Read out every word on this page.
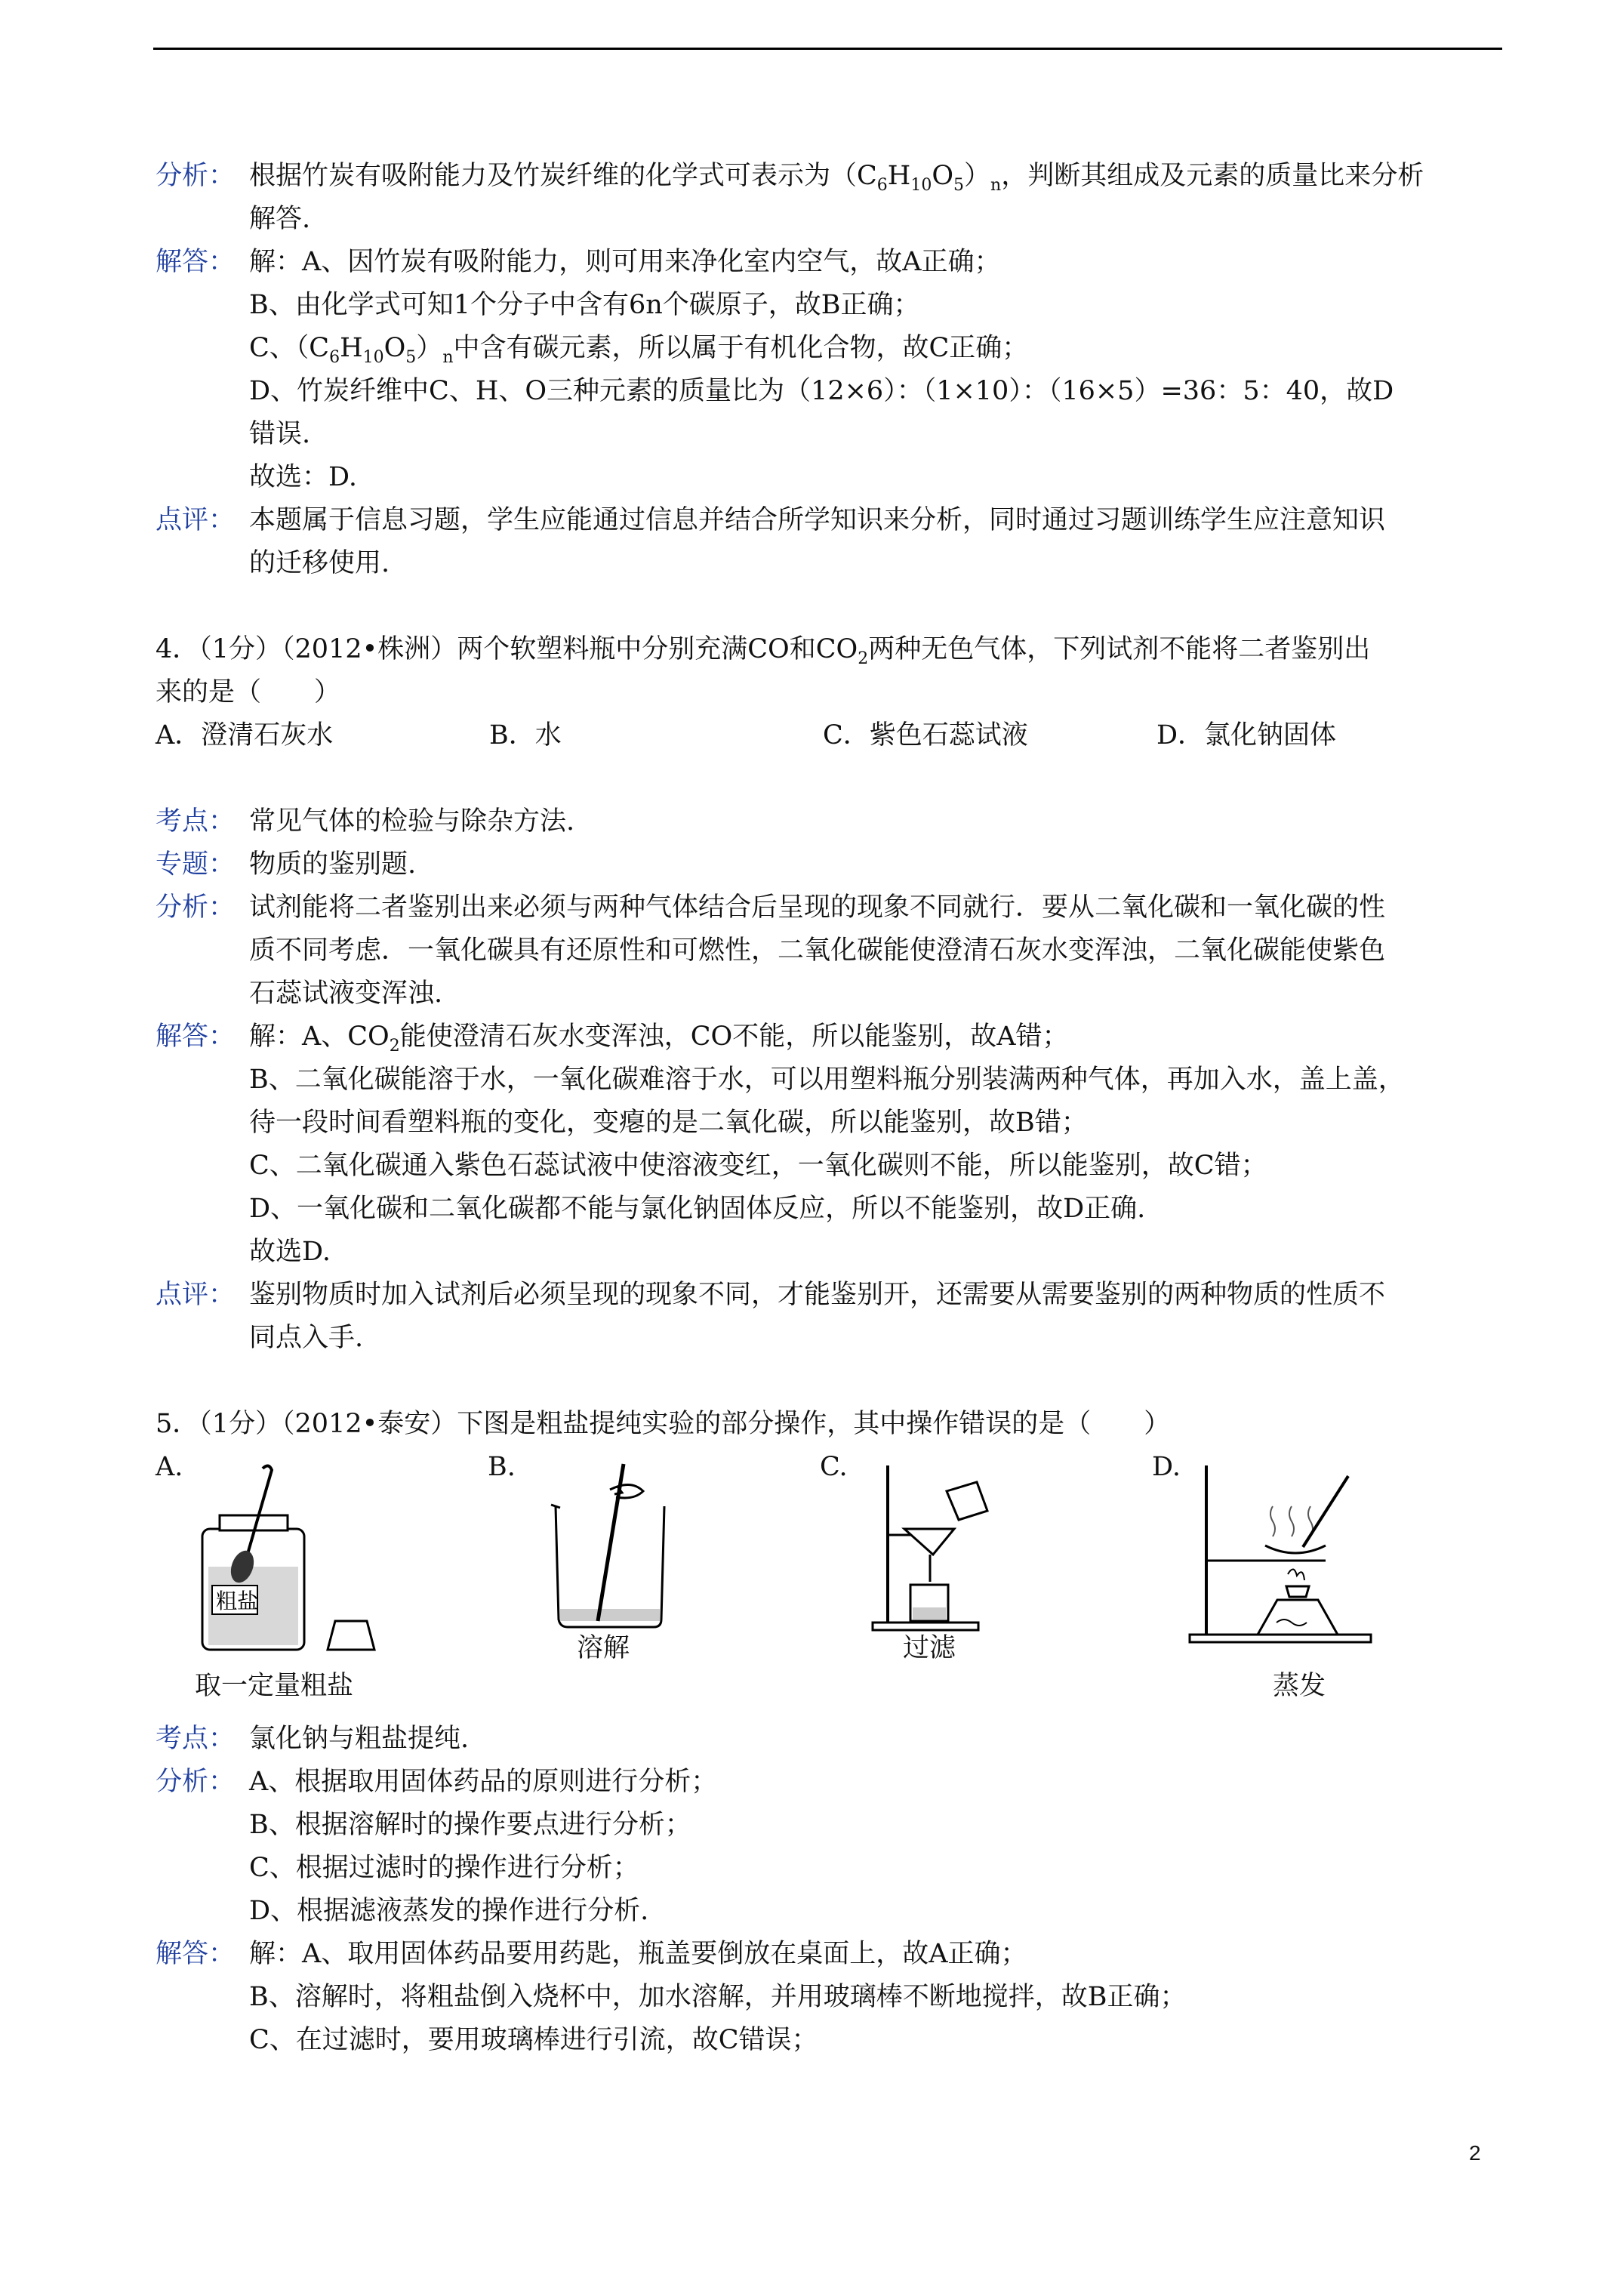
分析： 根据竹炭有吸附能力及竹炭纤维的化学式可表示为$(C_6H_{10}O_5)_n$，判断其组成及元素的质量比来分析
解答.
解答： 解：A、因竹炭有吸附能力，则可用来净化室内空气，故A正确；
B、由化学式可知1个分子中含有6n个碳原子，故B正确；
C、$(C_6H_{10}O_5)_n$中含有碳元素，所以属于有机化合物，故C正确；
D、竹炭纤维中C、H、O三种元素的质量比为（12×6）：（1×10）：（16×5）=36：5：40，故D
错误.
故选：D.
点评： 本题属于信息习题，学生应能通过信息并结合所学知识来分析，同时通过习题训练学生应注意知识
的迁移使用.
4．（1分）（2012•株洲）两个软塑料瓶中分别充满CO和$CO_2$两种无色气体，下列试剂不能将二者鉴别出
来的是（　　）
A．澄清石灰水	B．水	C．紫色石蕊试液	D．氯化钠固体
考点： 常见气体的检验与除杂方法.
专题： 物质的鉴别题.
分析： 试剂能将二者鉴别出来必须与两种气体结合后呈现的现象不同就行．要从二氧化碳和一氧化碳的性
质不同考虑．一氧化碳具有还原性和可燃性，二氧化碳能使澄清石灰水变浑浊，二氧化碳能使紫色
石蕊试液变浑浊.
解答： 解：A、$CO_2$能使澄清石灰水变浑浊，CO不能，所以能鉴别，故A错；
B、二氧化碳能溶于水，一氧化碳难溶于水，可以用塑料瓶分别装满两种气体，再加入水，盖上盖，
待一段时间看塑料瓶的变化，变瘪的是二氧化碳，所以能鉴别，故B错；
C、二氧化碳通入紫色石蕊试液中使溶液变红，一氧化碳则不能，所以能鉴别，故C错；
D、一氧化碳和二氧化碳都不能与氯化钠固体反应，所以不能鉴别，故D正确.
故选D.
点评： 鉴别物质时加入试剂后必须呈现的现象不同，才能鉴别开，还需要从需要鉴别的两种物质的性质不
同点入手.
5．（1分）（2012•泰安）下图是粗盐提纯实验的部分操作，其中操作错误的是（　　）
A.
粗盐
取一定量粗盐
B.
溶解
C.
过滤
D.
蒸发
考点： 氯化钠与粗盐提纯.
分析： A、根据取用固体药品的原则进行分析；
B、根据溶解时的操作要点进行分析；
C、根据过滤时的操作进行分析；
D、根据滤液蒸发的操作进行分析.
解答： 解：A、取用固体药品要用药匙，瓶盖要倒放在桌面上，故A正确；
B、溶解时，将粗盐倒入烧杯中，加水溶解，并用玻璃棒不断地搅拌，故B正确；
C、在过滤时，要用玻璃棒进行引流，故C错误；
2
